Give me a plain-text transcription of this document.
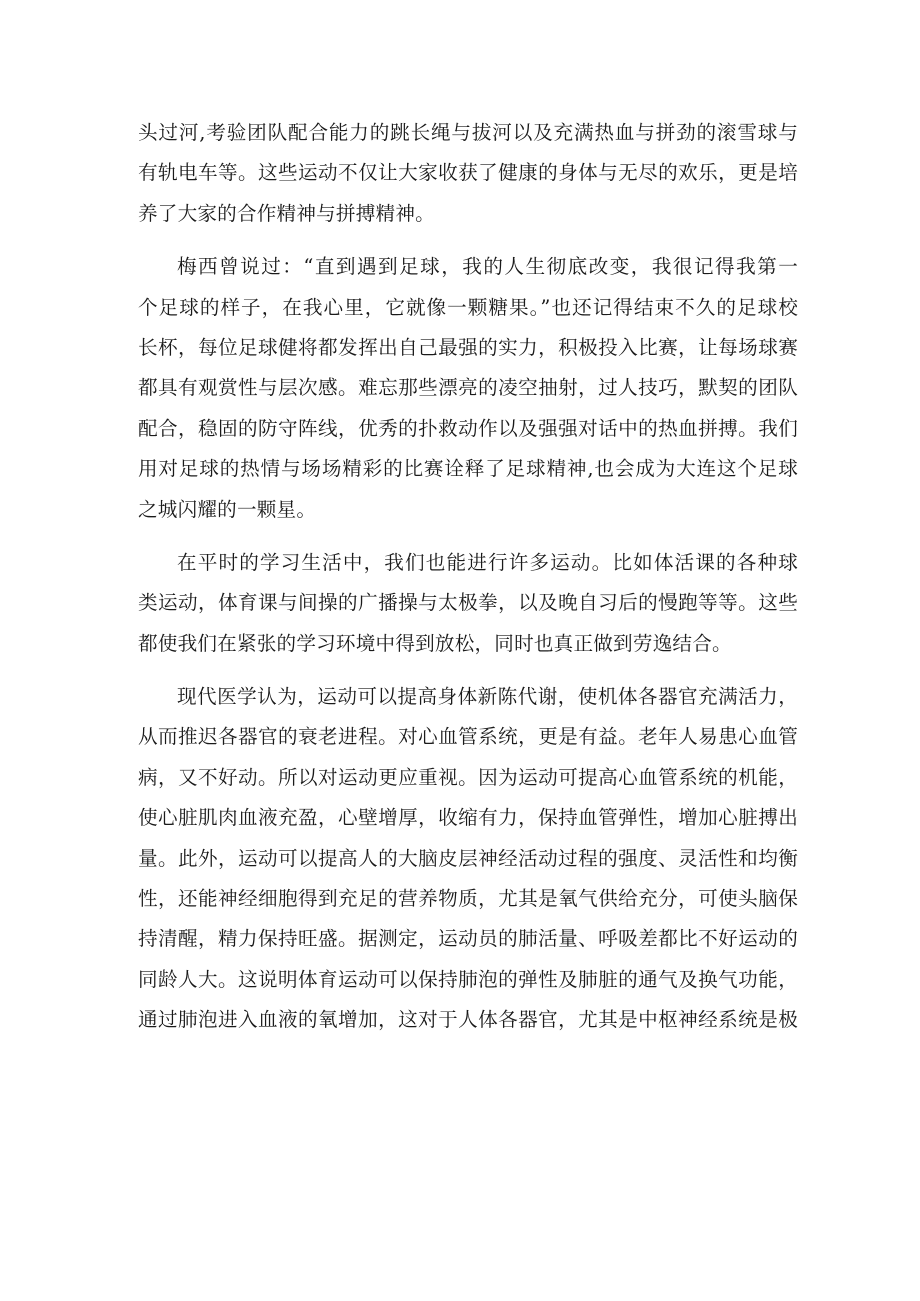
头过河,考验团队配合能力的跳长绳与拔河以及充满热血与拼劲的滚雪球与
有轨电车等。这些运动不仅让大家收获了健康的身体与无尽的欢乐，更是培
养了大家的合作精神与拼搏精神。
梅西曾说过：“直到遇到足球，我的人生彻底改变，我很记得我第一
个足球的样子，在我心里，它就像一颗糖果。”也还记得结束不久的足球校
长杯，每位足球健将都发挥出自己最强的实力，积极投入比赛，让每场球赛
都具有观赏性与层次感。难忘那些漂亮的凌空抽射，过人技巧，默契的团队
配合，稳固的防守阵线，优秀的扑救动作以及强强对话中的热血拼搏。我们
用对足球的热情与场场精彩的比赛诠释了足球精神,也会成为大连这个足球
之城闪耀的一颗星。
在平时的学习生活中，我们也能进行许多运动。比如体活课的各种球
类运动，体育课与间操的广播操与太极拳，以及晚自习后的慢跑等等。这些
都使我们在紧张的学习环境中得到放松，同时也真正做到劳逸结合。
现代医学认为，运动可以提高身体新陈代谢，使机体各器官充满活力，
从而推迟各器官的衰老进程。对心血管系统，更是有益。老年人易患心血管
病，又不好动。所以对运动更应重视。因为运动可提高心血管系统的机能，
使心脏肌肉血液充盈，心壁增厚，收缩有力，保持血管弹性，增加心脏搏出
量。此外，运动可以提高人的大脑皮层神经活动过程的强度、灵活性和均衡
性，还能神经细胞得到充足的营养物质，尤其是氧气供给充分，可使头脑保
持清醒，精力保持旺盛。据测定，运动员的肺活量、呼吸差都比不好运动的
同龄人大。这说明体育运动可以保持肺泡的弹性及肺脏的通气及换气功能，
通过肺泡进入血液的氧增加，这对于人体各器官，尤其是中枢神经系统是极
